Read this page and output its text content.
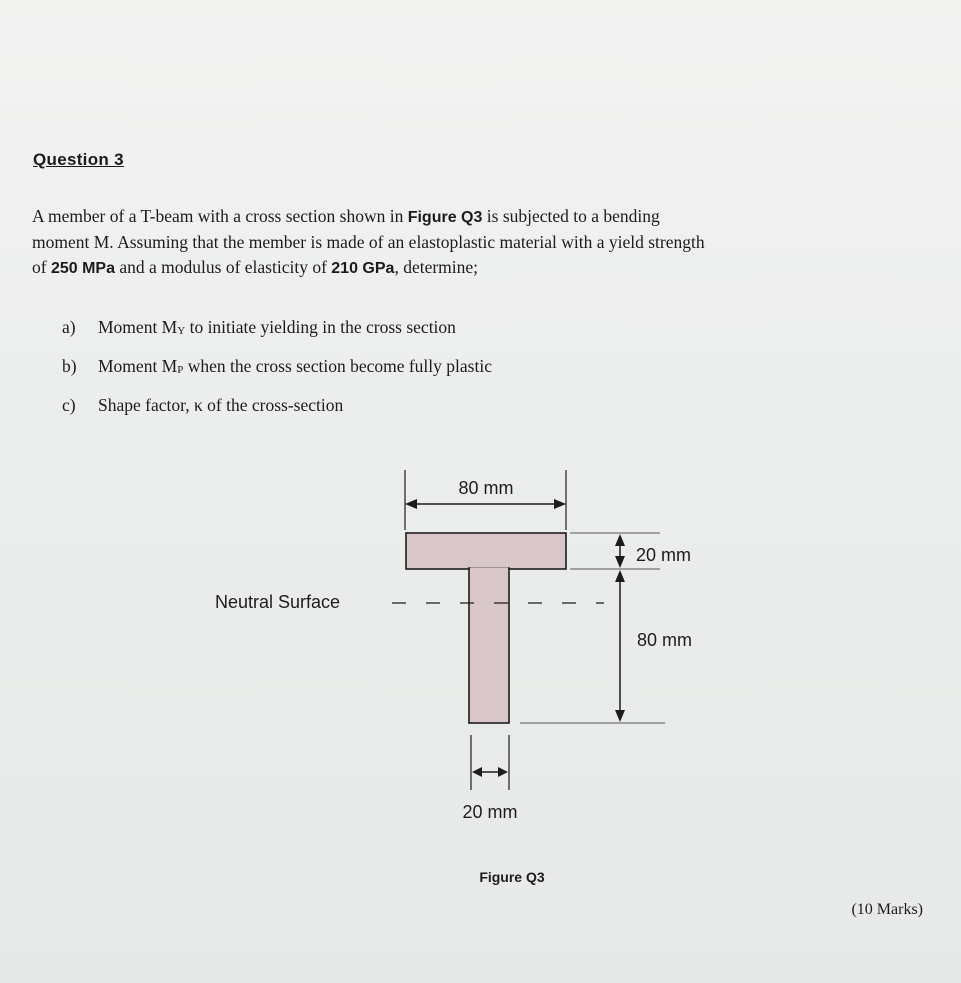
Question 3

A member of a T-beam with a cross section shown in Figure Q3 is subjected to a bending

moment M. Assuming that the member is made of an elastoplastic material with a yield strength

of 250 MPa and a modulus of elasticity of 210 GPa, determine;

a) Moment $M_Y$ to initiate yielding in the cross section
b) Moment $M_P$ when the cross section become fully plastic
c) Shape factor, κ of the cross-section
80 mm
20 mm
80 mm
Neutral Surface
20 mm
Figure Q3
(10 Marks)
